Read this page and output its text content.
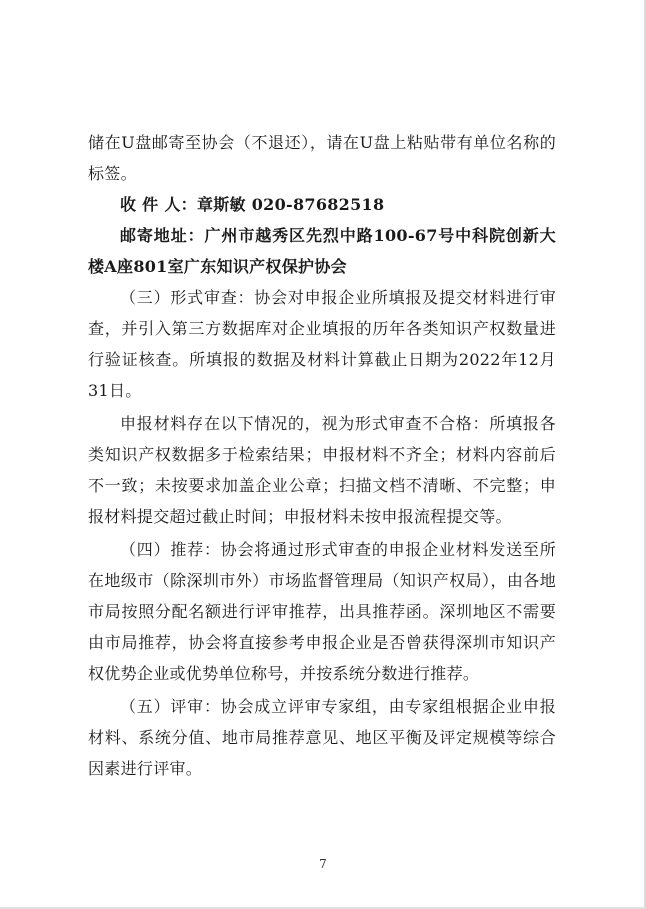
储在U盘邮寄至协会（不退还），请在U盘上粘贴带有单位名称的标签。

收 件 人：章斯敏 020-87682518

邮寄地址：广州市越秀区先烈中路100-67号中科院创新大楼A座801室广东知识产权保护协会

（三）形式审查：协会对申报企业所填报及提交材料进行审查，并引入第三方数据库对企业填报的历年各类知识产权数量进行验证核查。所填报的数据及材料计算截止日期为2022年12月31日。

申报材料存在以下情况的，视为形式审查不合格：所填报各类知识产权数据多于检索结果；申报材料不齐全；材料内容前后不一致；未按要求加盖企业公章；扫描文档不清晰、不完整；申报材料提交超过截止时间；申报材料未按申报流程提交等。

（四）推荐：协会将通过形式审查的申报企业材料发送至所在地级市（除深圳市外）市场监督管理局（知识产权局），由各地市局按照分配名额进行评审推荐，出具推荐函。深圳地区不需要由市局推荐，协会将直接参考申报企业是否曾获得深圳市知识产权优势企业或优势单位称号，并按系统分数进行推荐。

（五）评审：协会成立评审专家组，由专家组根据企业申报材料、系统分值、地市局推荐意见、地区平衡及评定规模等综合因素进行评审。

7
